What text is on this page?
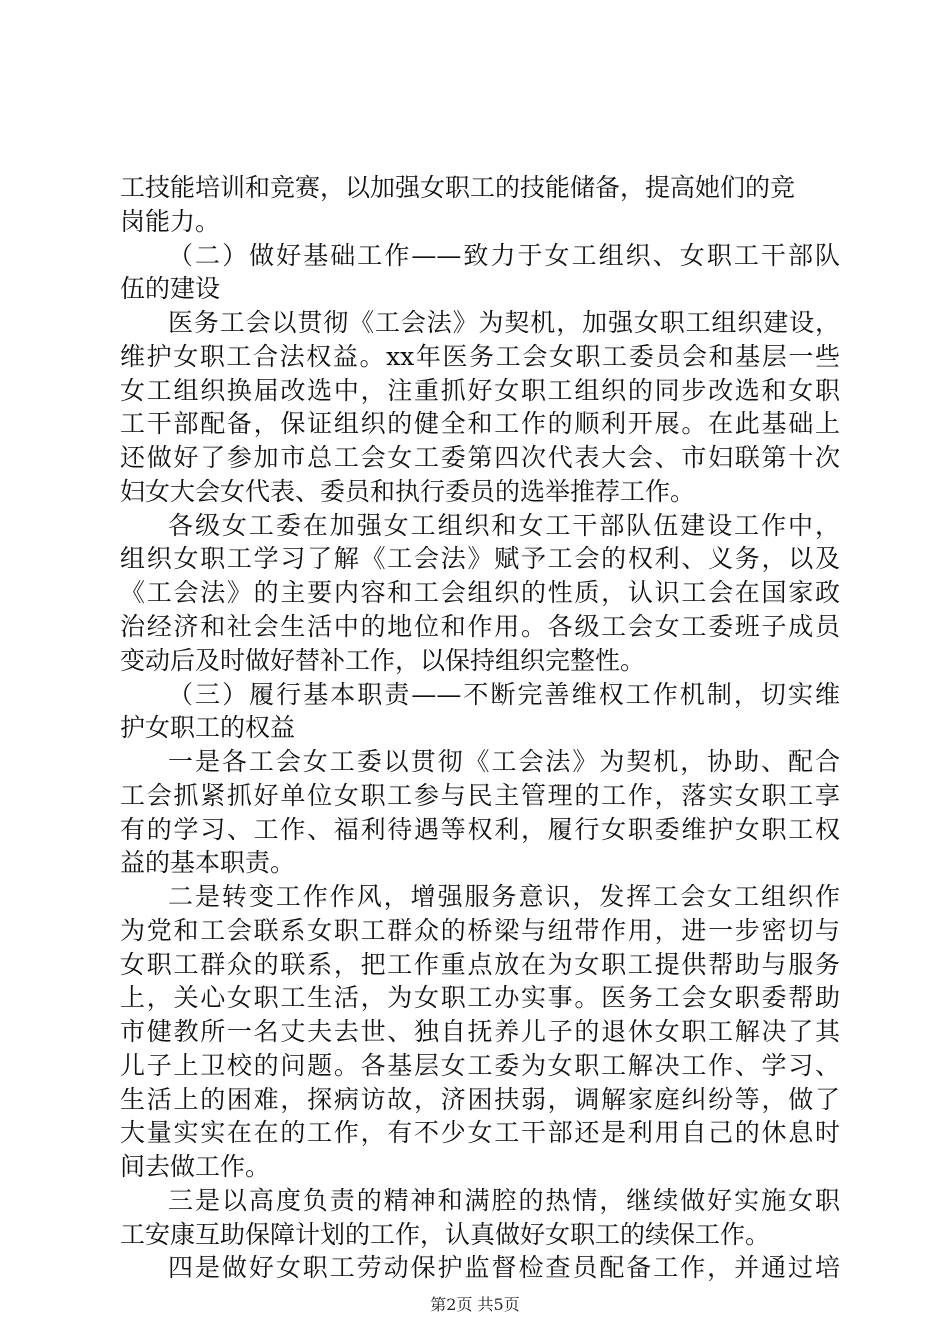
工技能培训和竞赛，以加强女职工的技能储备，提高她们的竞
岗能力。
（二）做好基础工作——致力于女工组织、女职工干部队
伍的建设
医务工会以贯彻《工会法》为契机，加强女职工组织建设，
维护女职工合法权益。xx年医务工会女职工委员会和基层一些
女工组织换届改选中，注重抓好女职工组织的同步改选和女职
工干部配备，保证组织的健全和工作的顺利开展。在此基础上
还做好了参加市总工会女工委第四次代表大会、市妇联第十次
妇女大会女代表、委员和执行委员的选举推荐工作。
各级女工委在加强女工组织和女工干部队伍建设工作中，
组织女职工学习了解《工会法》赋予工会的权利、义务，以及
《工会法》的主要内容和工会组织的性质，认识工会在国家政
治经济和社会生活中的地位和作用。各级工会女工委班子成员
变动后及时做好替补工作，以保持组织完整性。
（三）履行基本职责——不断完善维权工作机制，切实维
护女职工的权益
一是各工会女工委以贯彻《工会法》为契机，协助、配合
工会抓紧抓好单位女职工参与民主管理的工作，落实女职工享
有的学习、工作、福利待遇等权利，履行女职委维护女职工权
益的基本职责。
二是转变工作作风，增强服务意识，发挥工会女工组织作
为党和工会联系女职工群众的桥梁与纽带作用，进一步密切与
女职工群众的联系，把工作重点放在为女职工提供帮助与服务
上，关心女职工生活，为女职工办实事。医务工会女职委帮助
市健教所一名丈夫去世、独自抚养儿子的退休女职工解决了其
儿子上卫校的问题。各基层女工委为女职工解决工作、学习、
生活上的困难，探病访故，济困扶弱，调解家庭纠纷等，做了
大量实实在在的工作，有不少女工干部还是利用自己的休息时
间去做工作。
三是以高度负责的精神和满腔的热情，继续做好实施女职
工安康互助保障计划的工作，认真做好女职工的续保工作。
四是做好女职工劳动保护监督检查员配备工作，并通过培
第2页 共5页
